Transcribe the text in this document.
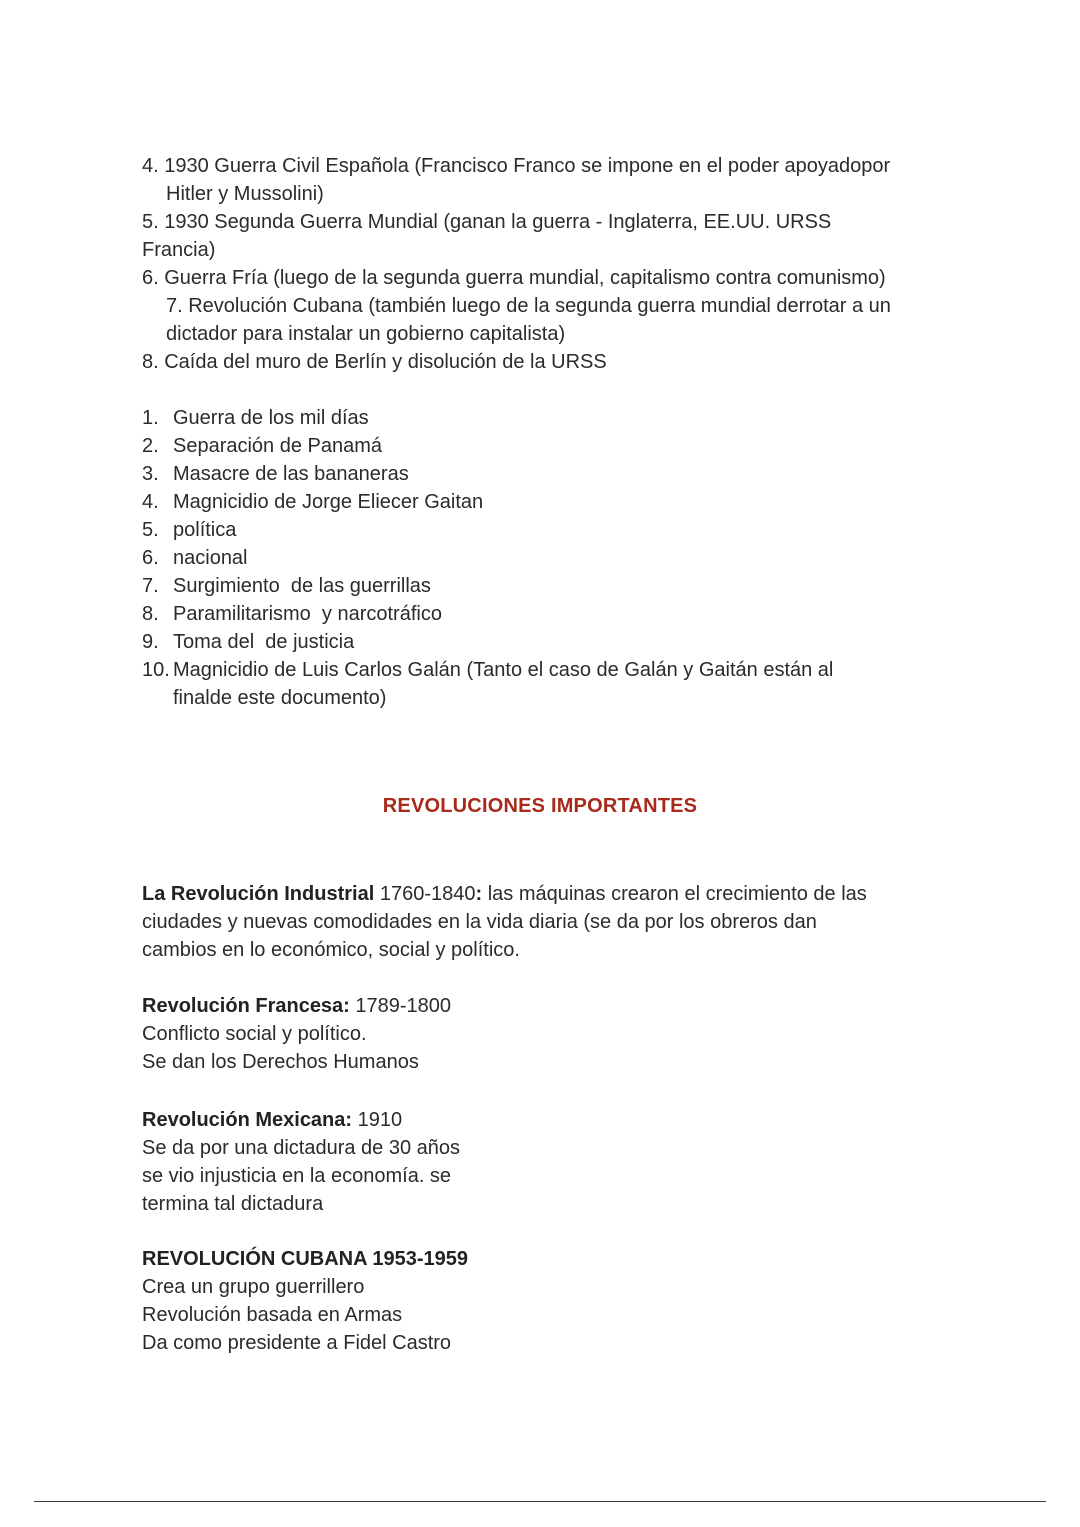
4. 1930 Guerra Civil Española (Francisco Franco se impone en el poder apoyadopor
Hitler y Mussolini)
5. 1930 Segunda Guerra Mundial (ganan la guerra - Inglaterra, EE.UU. URSS
Francia)
6. Guerra Fría (luego de la segunda guerra mundial, capitalismo contra comunismo)
7. Revolución Cubana (también luego de la segunda guerra mundial derrotar a un
dictador para instalar un gobierno capitalista)
8. Caída del muro de Berlín y disolución de la URSS
1. Guerra de los mil días
2. Separación de Panamá
3. Masacre de las bananeras
4. Magnicidio de Jorge Eliecer Gaitan
5. política
6. nacional
7. Surgimiento  de las guerrillas
8. Paramilitarismo  y narcotráfico
9. Toma del  de justicia
10. Magnicidio de Luis Carlos Galán (Tanto el caso de Galán y Gaitán están al
finalde este documento)
REVOLUCIONES IMPORTANTES
La Revolución Industrial 1760-1840: las máquinas crearon el crecimiento de las
ciudades y nuevas comodidades en la vida diaria (se da por los obreros dan
cambios en lo económico, social y político.
Revolución Francesa: 1789-1800
Conflicto social y político.
Se dan los Derechos Humanos
Revolución Mexicana: 1910
Se da por una dictadura de 30 años
se vio injusticia en la economía. se
termina tal dictadura
REVOLUCIÓN CUBANA 1953-1959
Crea un grupo guerrillero
Revolución basada en Armas
Da como presidente a Fidel Castro
